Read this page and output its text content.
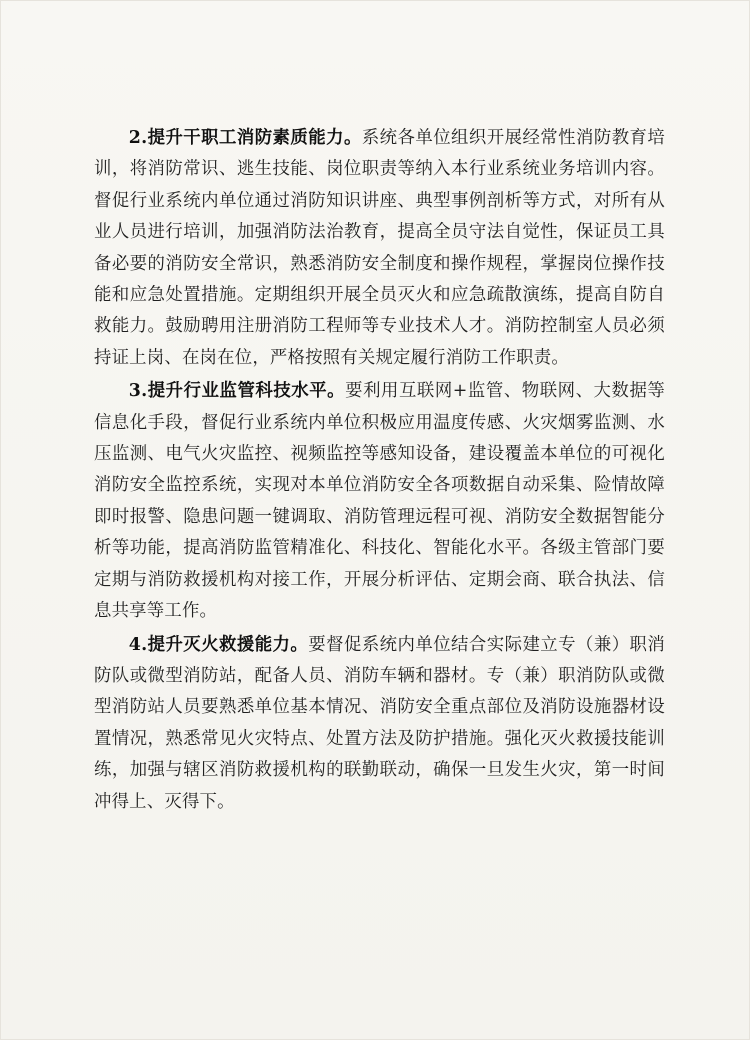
2.提升干职工消防素质能力。系统各单位组织开展经常性消防教育培训，将消防常识、逃生技能、岗位职责等纳入本行业系统业务培训内容。督促行业系统内单位通过消防知识讲座、典型事例剖析等方式，对所有从业人员进行培训，加强消防法治教育，提高全员守法自觉性，保证员工具备必要的消防安全常识，熟悉消防安全制度和操作规程，掌握岗位操作技能和应急处置措施。定期组织开展全员灭火和应急疏散演练，提高自防自救能力。鼓励聘用注册消防工程师等专业技术人才。消防控制室人员必须持证上岗、在岗在位，严格按照有关规定履行消防工作职责。

3.提升行业监管科技水平。要利用互联网+监管、物联网、大数据等信息化手段，督促行业系统内单位积极应用温度传感、火灾烟雾监测、水压监测、电气火灾监控、视频监控等感知设备，建设覆盖本单位的可视化消防安全监控系统，实现对本单位消防安全各项数据自动采集、险情故障即时报警、隐患问题一键调取、消防管理远程可视、消防安全数据智能分析等功能，提高消防监管精准化、科技化、智能化水平。各级主管部门要定期与消防救援机构对接工作，开展分析评估、定期会商、联合执法、信息共享等工作。

4.提升灭火救援能力。要督促系统内单位结合实际建立专（兼）职消防队或微型消防站，配备人员、消防车辆和器材。专（兼）职消防队或微型消防站人员要熟悉单位基本情况、消防安全重点部位及消防设施器材设置情况，熟悉常见火灾特点、处置方法及防护措施。强化灭火救援技能训练，加强与辖区消防救援机构的联勤联动，确保一旦发生火灾，第一时间冲得上、灭得下。
